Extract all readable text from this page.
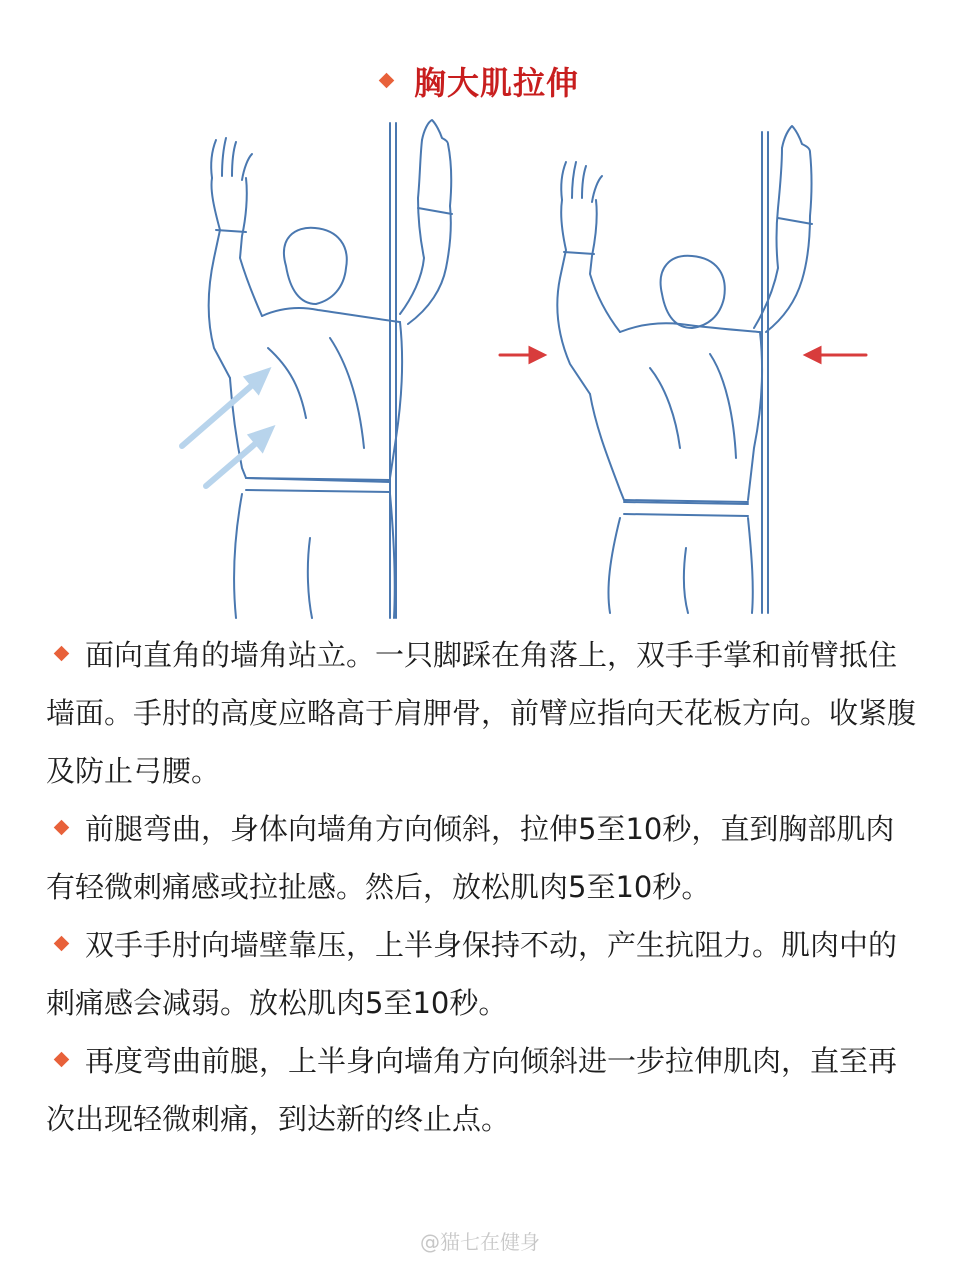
胸大肌拉伸

面向直角的墙角站立。一只脚踩在角落上，双手手掌和前臂抵住墙面。手肘的高度应略高于肩胛骨，前臂应指向天花板方向。收紧腹及防止弓腰。

前腿弯曲，身体向墙角方向倾斜，拉伸5至10秒，直到胸部肌肉有轻微刺痛感或拉扯感。然后，放松肌肉5至10秒。

双手手肘向墙壁靠压，上半身保持不动，产生抗阻力。肌肉中的刺痛感会减弱。放松肌肉5至10秒。

再度弯曲前腿，上半身向墙角方向倾斜进一步拉伸肌肉，直至再次出现轻微刺痛，到达新的终止点。

@猫七在健身
